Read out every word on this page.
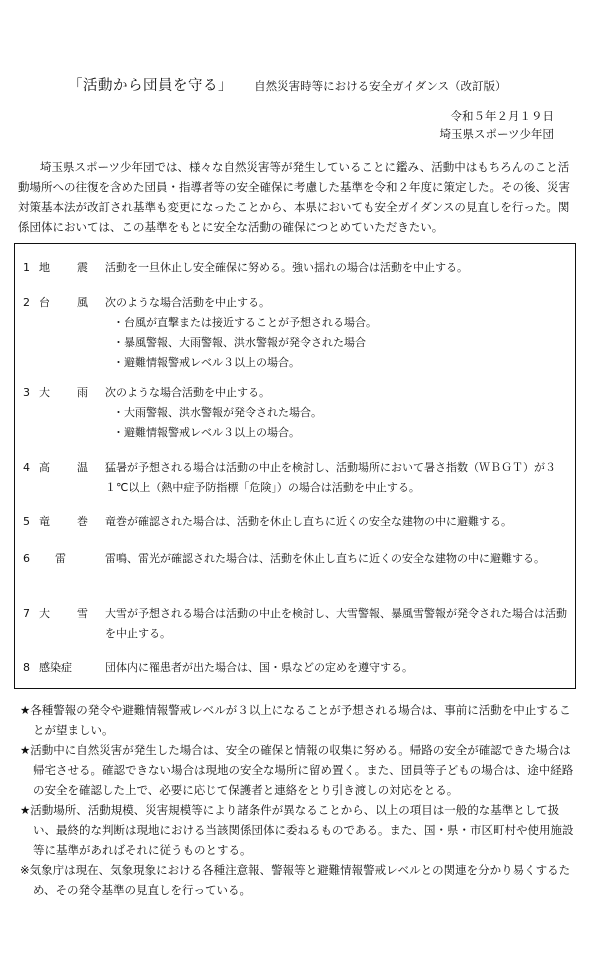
「活動から団員を守る」 自然災害時等における安全ガイダンス（改訂版）
令和５年２月１９日
埼玉県スポーツ少年団

埼玉県スポーツ少年団では、様々な自然災害等が発生していることに鑑み、活動中はもちろんのこと活動場所への往復を含めた団員・指導者等の安全確保に考慮した基準を令和２年度に策定した。その後、災害対策基本法が改訂され基準も変更になったことから、本県においても安全ガイダンスの見直しを行った。関係団体においては、この基準をもとに安全な活動の確保につとめていただきたい。

1 地　震 活動を一旦休止し安全確保に努める。強い揺れの場合は活動を中止する。
2 台　風 次のような場合活動を中止する。
・台風が直撃または接近することが予想される場合。
・暴風警報、大雨警報、洪水警報が発令された場合
・避難情報警戒レベル３以上の場合。
3 大　雨 次のような場合活動を中止する。
・大雨警報、洪水警報が発令された場合。
・避難情報警戒レベル３以上の場合。
4 高　温 猛暑が予想される場合は活動の中止を検討し、活動場所において暑さ指数（ＷＢＧＴ）が３１℃以上（熱中症予防指標「危険」）の場合は活動を中止する。
5 竜　巻 竜巻が確認された場合は、活動を休止し直ちに近くの安全な建物の中に避難する。
6	雷	雷鳴、雷光が確認された場合は、活動を休止し直ちに近くの安全な建物の中に避難する。
7 大　雪 大雪が予想される場合は活動の中止を検討し、大雪警報、暴風雪警報が発令された場合は活動を中止する。
8 感染症	団体内に罹患者が出た場合は、国・県などの定めを遵守する。

★各種警報の発令や避難情報警戒レベルが３以上になることが予想される場合は、事前に活動を中止することが望ましい。

★活動中に自然災害が発生した場合は、安全の確保と情報の収集に努める。帰路の安全が確認できた場合は帰宅させる。確認できない場合は現地の安全な場所に留め置く。また、団員等子どもの場合は、途中経路の安全を確認した上で、必要に応じて保護者と連絡をとり引き渡しの対応をとる。

★活動場所、活動規模、災害規模等により諸条件が異なることから、以上の項目は一般的な基準として扱い、最終的な判断は現地における当該関係団体に委ねるものである。また、国・県・市区町村や使用施設等に基準があればそれに従うものとする。

※気象庁は現在、気象現象における各種注意報、警報等と避難情報警戒レベルとの関連を分かり易くするため、その発令基準の見直しを行っている。
